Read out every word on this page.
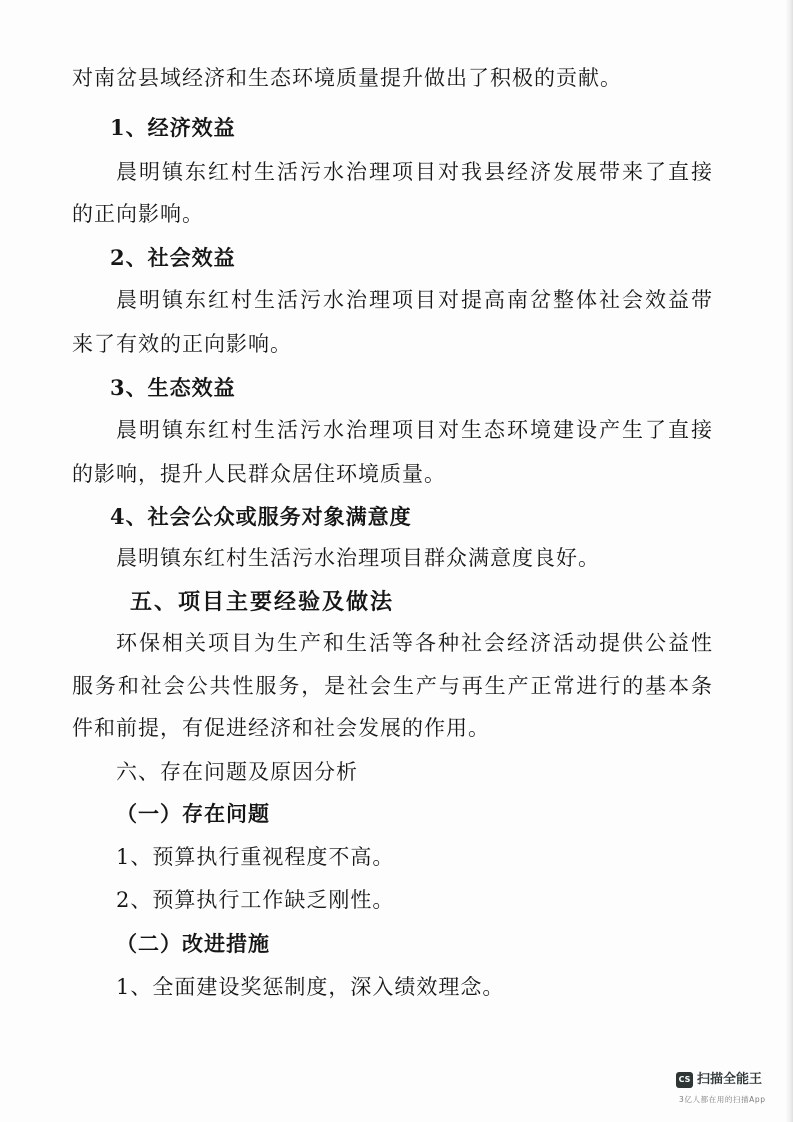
对南岔县域经济和生态环境质量提升做出了积极的贡献。
1、经济效益
晨明镇东红村生活污水治理项目对我县经济发展带来了直接
的正向影响。
2、社会效益
晨明镇东红村生活污水治理项目对提高南岔整体社会效益带
来了有效的正向影响。
3、生态效益
晨明镇东红村生活污水治理项目对生态环境建设产生了直接
的影响，提升人民群众居住环境质量。
4、社会公众或服务对象满意度
晨明镇东红村生活污水治理项目群众满意度良好。
五、项目主要经验及做法
环保相关项目为生产和生活等各种社会经济活动提供公益性
服务和社会公共性服务，是社会生产与再生产正常进行的基本条
件和前提，有促进经济和社会发展的作用。
六、存在问题及原因分析
（一）存在问题
1、预算执行重视程度不高。
2、预算执行工作缺乏刚性。
（二）改进措施
1、全面建设奖惩制度，深入绩效理念。
CS 扫描全能王
3亿人都在用的扫描App
